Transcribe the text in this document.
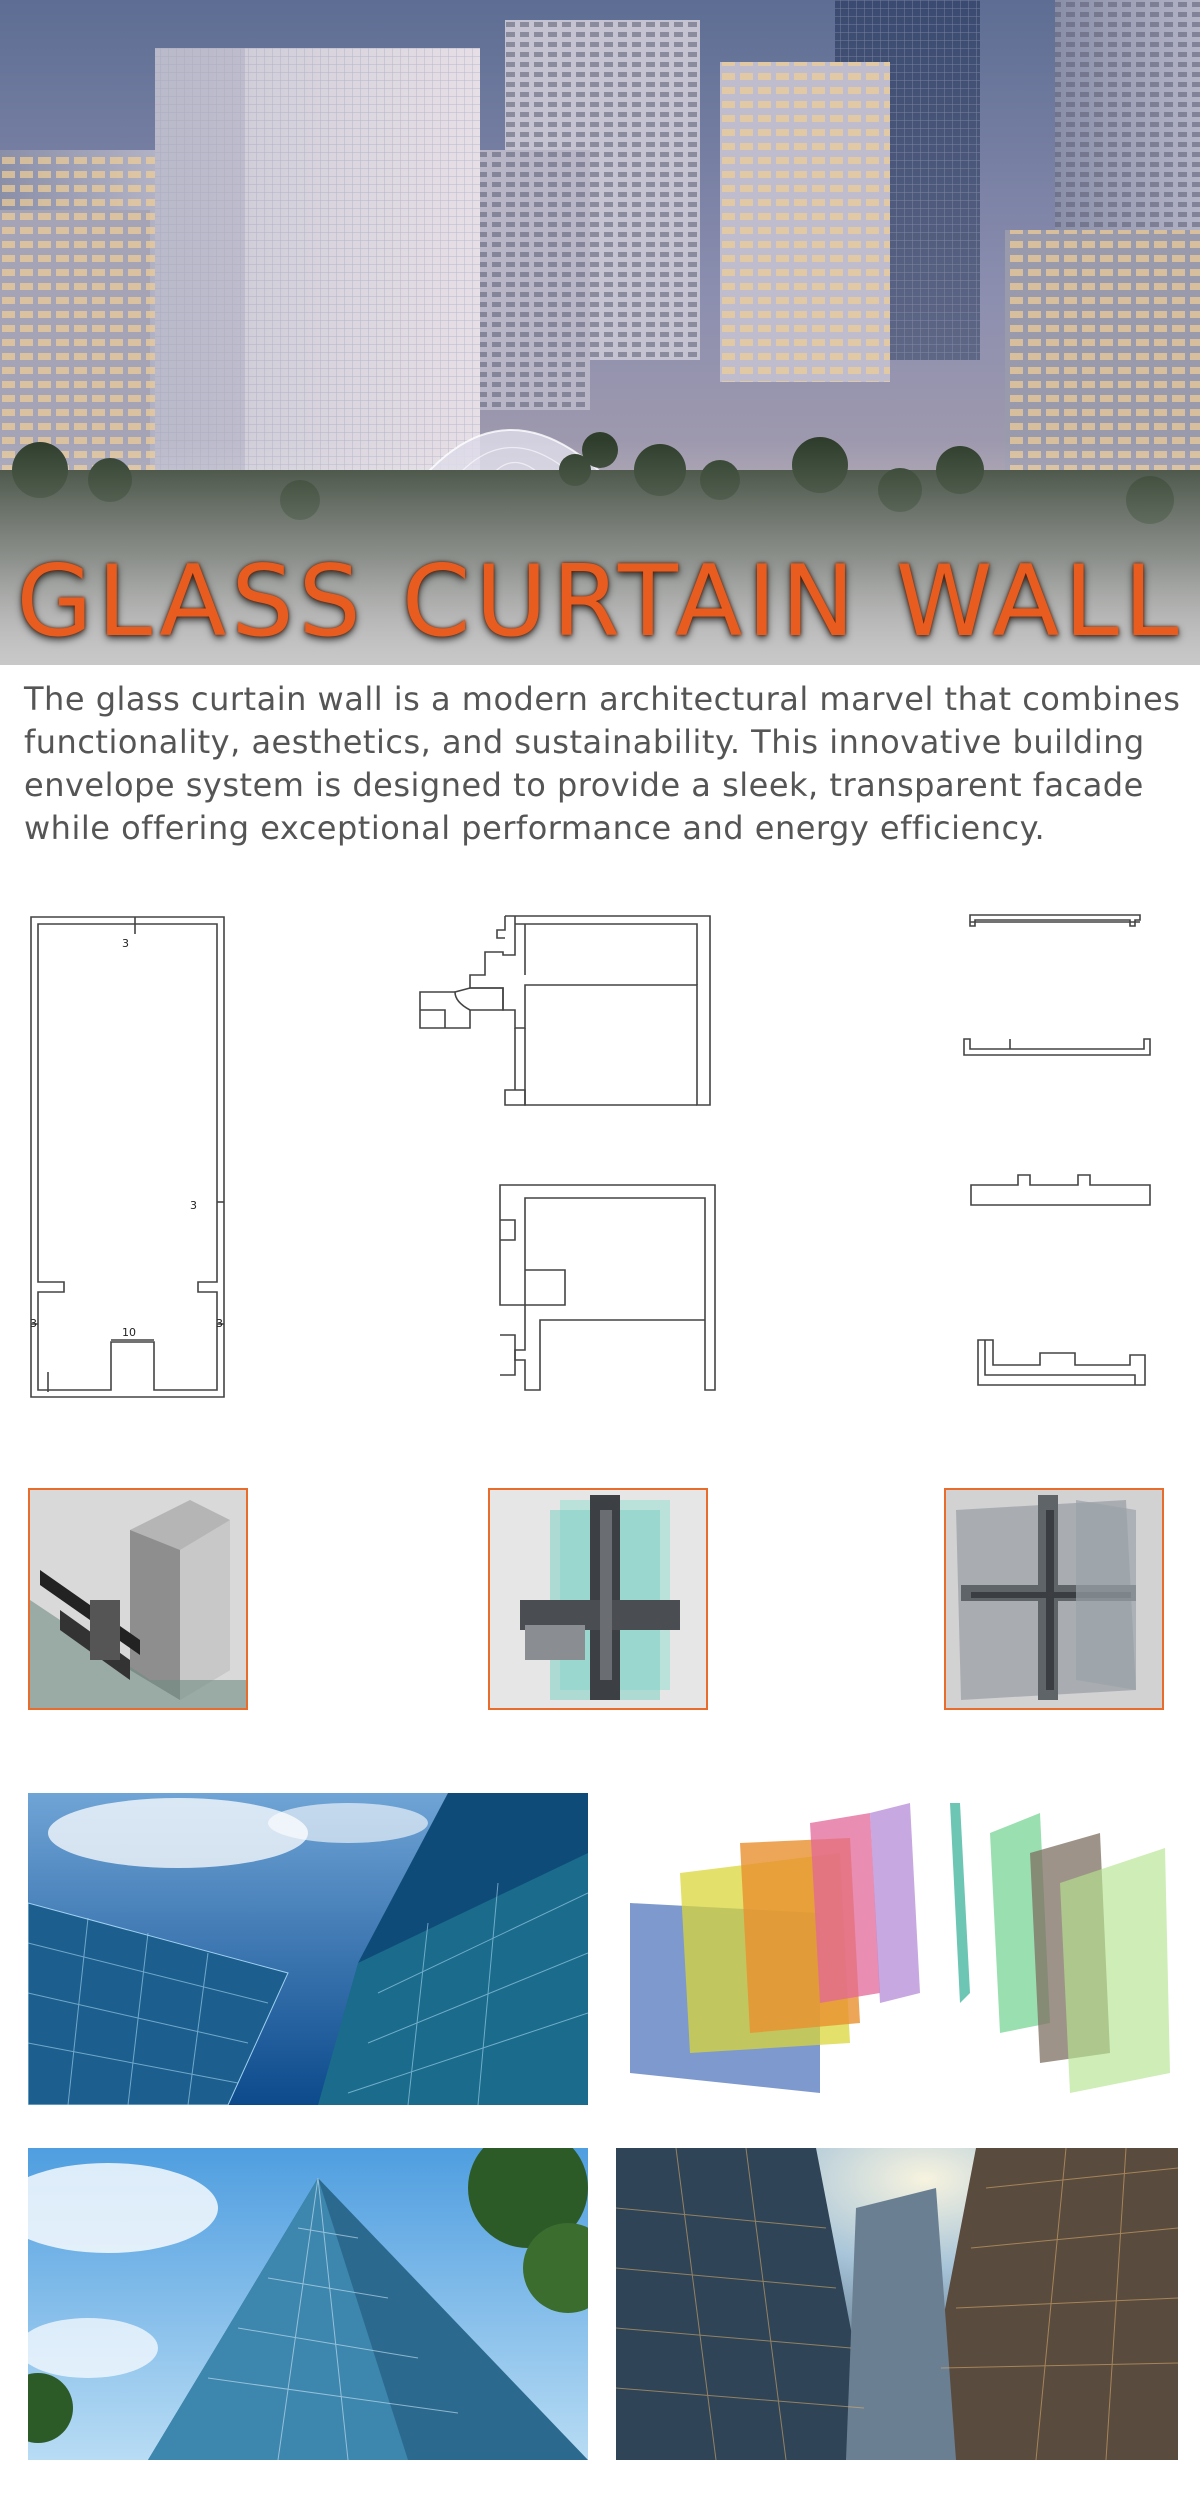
GLASS CURTAIN WALL
The glass curtain wall is a modern architectural marvel that combines functionality, aesthetics, and sustainability. This innovative building envelope system is designed to provide a sleek, transparent facade while offering exceptional performance and energy efficiency.
3
3
3	3
10
